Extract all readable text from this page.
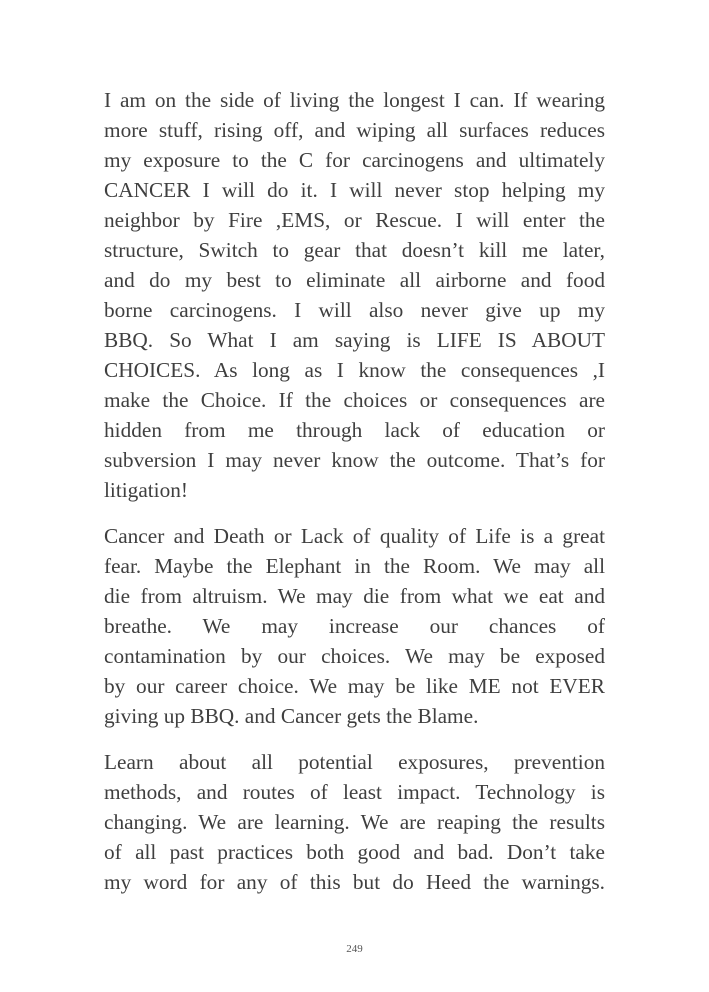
I am on the side of living the longest I can. If wearing
more stuff, rising off, and wiping all surfaces reduces
my exposure to the C for carcinogens and ultimately
CANCER I will do it. I will never stop helping my
neighbor by Fire ,EMS, or Rescue. I will enter the
structure, Switch to gear that doesn’t kill me later,
and do my best to eliminate all airborne and food
borne carcinogens. I will also never give up my
BBQ. So What I am saying is LIFE IS ABOUT
CHOICES. As long as I know the consequences ,I
make the Choice. If the choices or consequences are
hidden from me through lack of education or
subversion I may never know the outcome. That’s for
litigation!

Cancer and Death or Lack of quality of Life is a great
fear. Maybe the Elephant in the Room. We may all
die from altruism. We may die from what we eat and
breathe. We may increase our chances of
contamination by our choices. We may be exposed
by our career choice. We may be like ME not EVER
giving up BBQ. and Cancer gets the Blame.

Learn about all potential exposures, prevention
methods, and routes of least impact. Technology is
changing. We are learning. We are reaping the results
of all past practices both good and bad. Don’t take
my word for any of this but do Heed the warnings.

249
